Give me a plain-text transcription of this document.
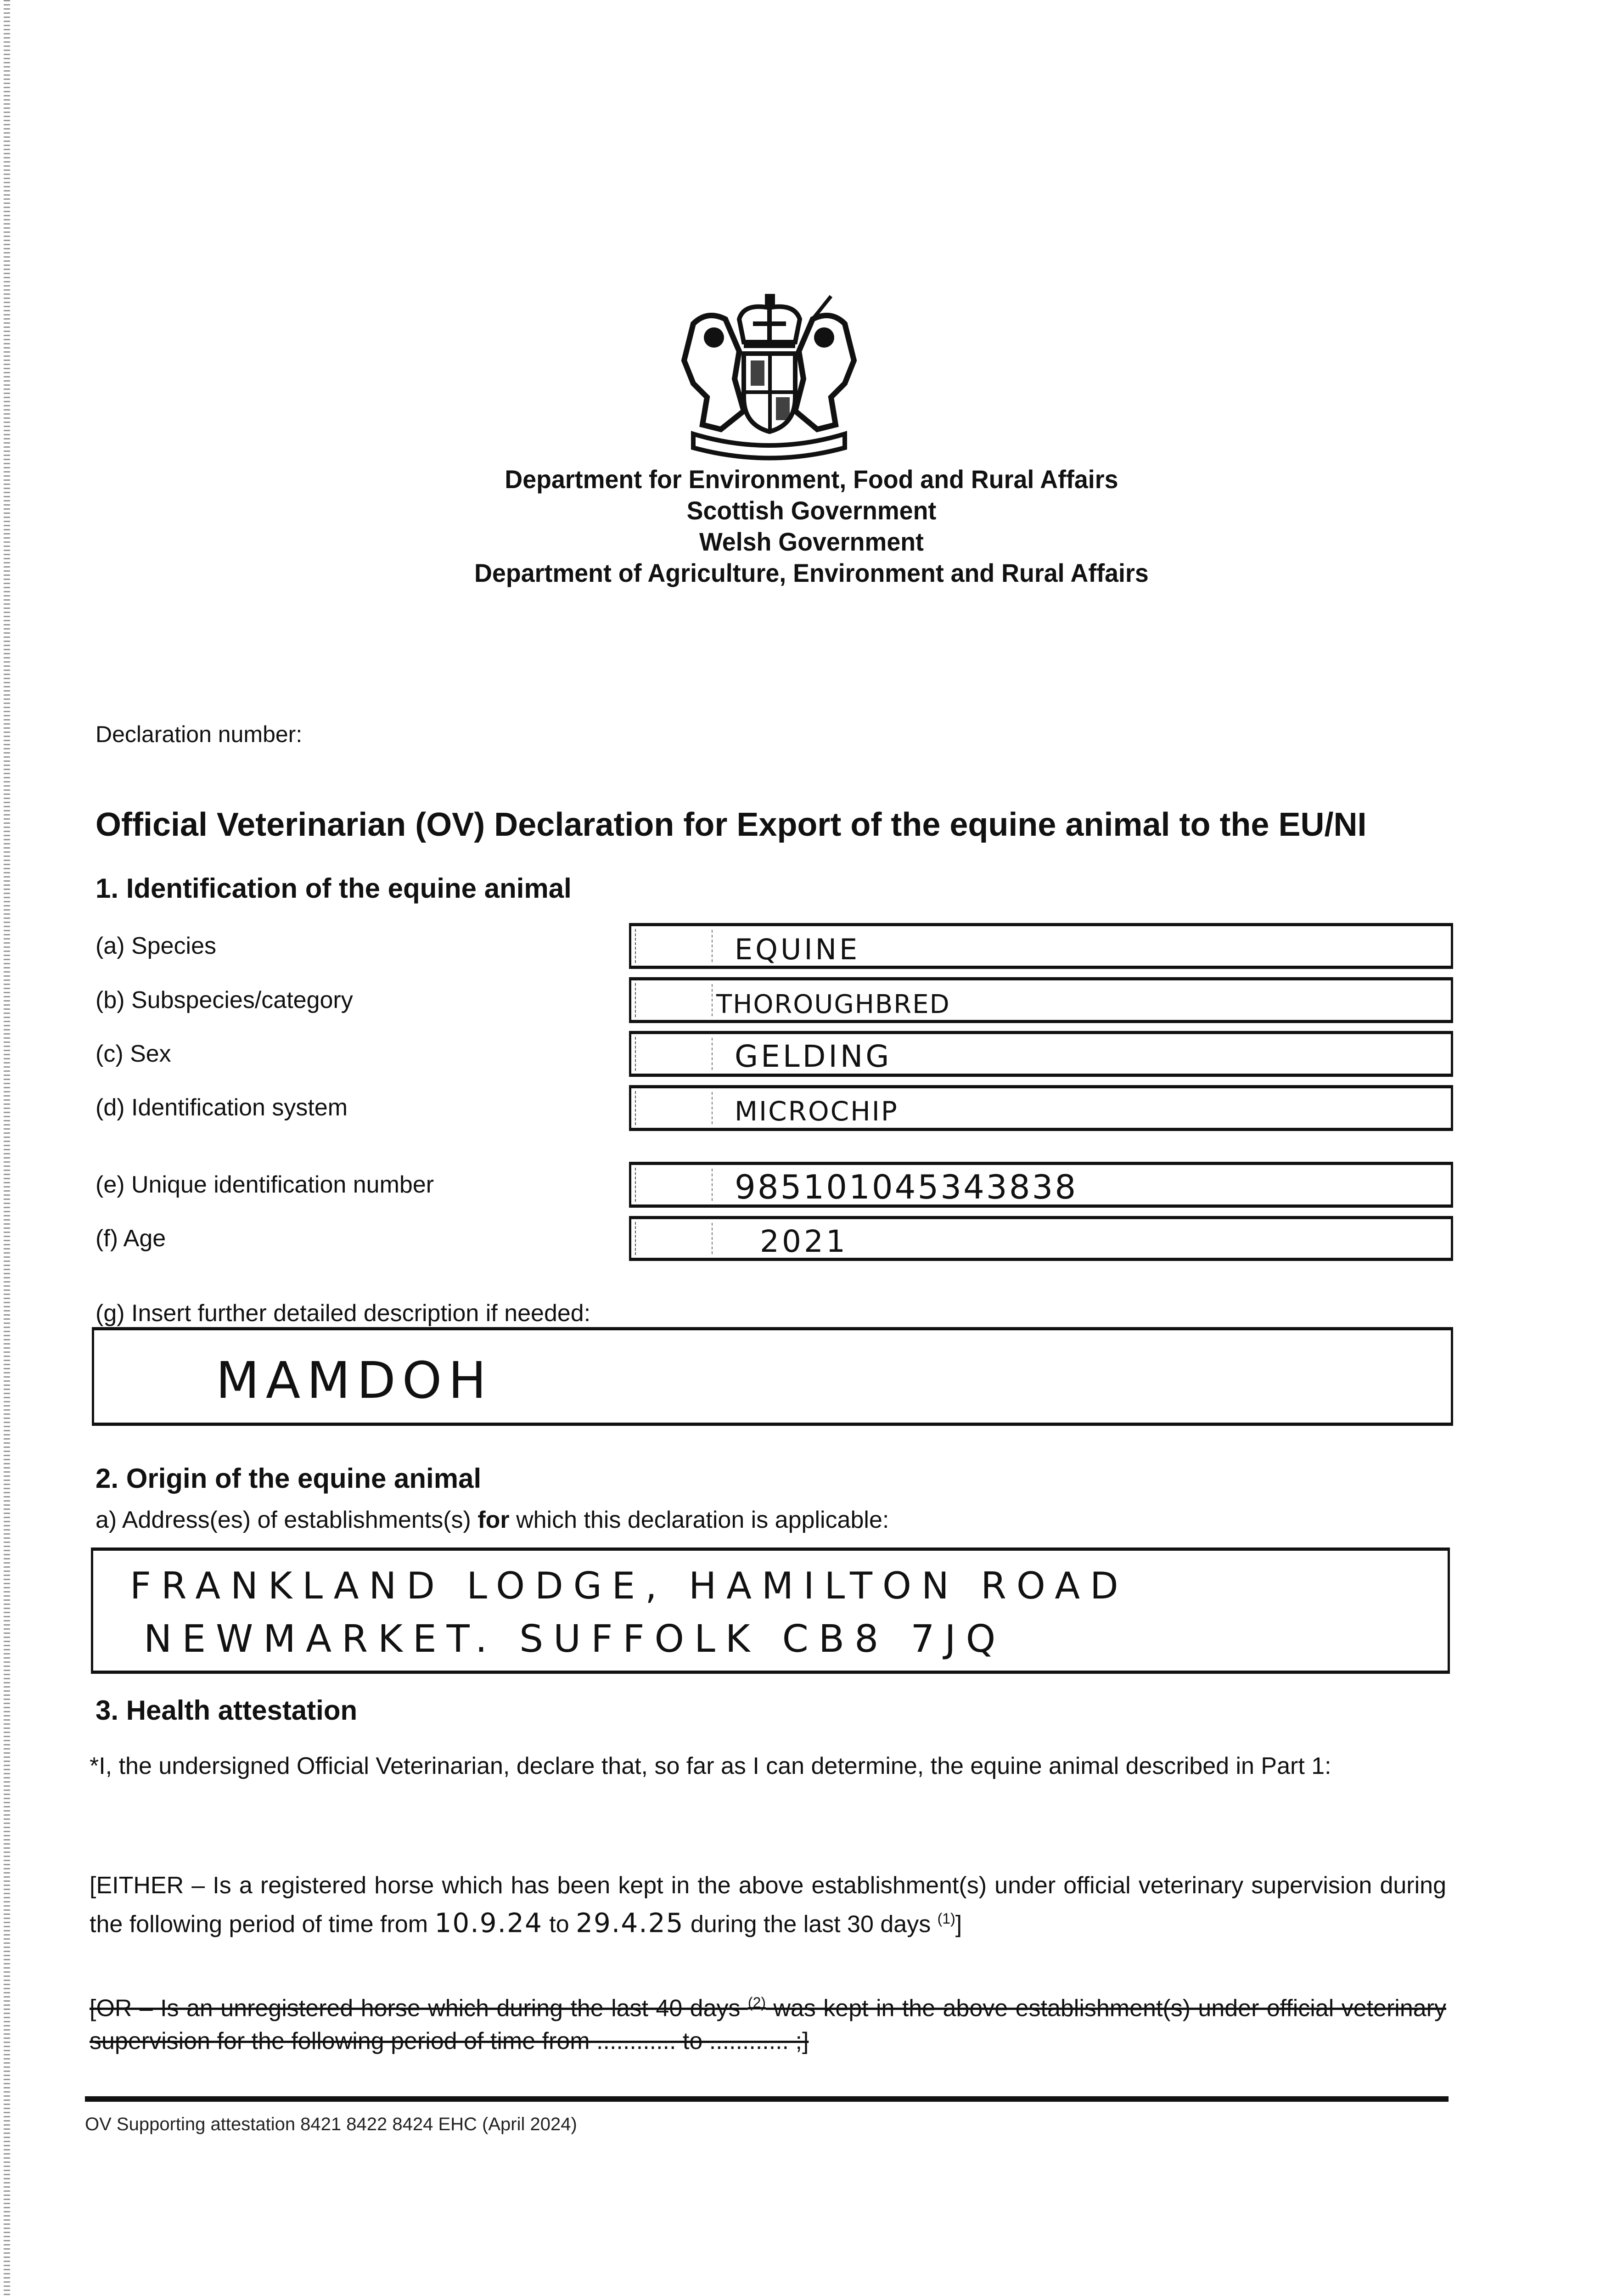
Department for Environment, Food and Rural Affairs
Scottish Government
Welsh Government
Department of Agriculture, Environment and Rural Affairs
Declaration number:
Official Veterinarian (OV) Declaration for Export of the equine animal to the EU/NI
1. Identification of the equine animal
(a) Species	EQUINE
(b) Subspecies/category	THOROUGHBRED
(c) Sex	GELDING
(d) Identification system	MICROCHIP
(e) Unique identification number	985101045343838
(f) Age	2021
(g) Insert further detailed description if needed:
MAMDOH
2. Origin of the equine animal
a) Address(es) of establishments(s) for which this declaration is applicable:
FRANKLAND LODGE, HAMILTON ROAD
NEWMARKET. SUFFOLK CB8 7JQ
3. Health attestation
*I, the undersigned Official Veterinarian, declare that, so far as I can determine, the equine animal described in Part 1:
[EITHER – Is a registered horse which has been kept in the above establishment(s) under official veterinary supervision during the following period of time from 10.9.24 to 29.4.25 during the last 30 days $^{(1)}$]
[OR – Is an unregistered horse which during the last 40 days $^{(2)}$ was kept in the above establishment(s) under official veterinary supervision for the following period of time from ............ to ............ ;]
OV Supporting attestation 8421 8422 8424 EHC (April 2024)
